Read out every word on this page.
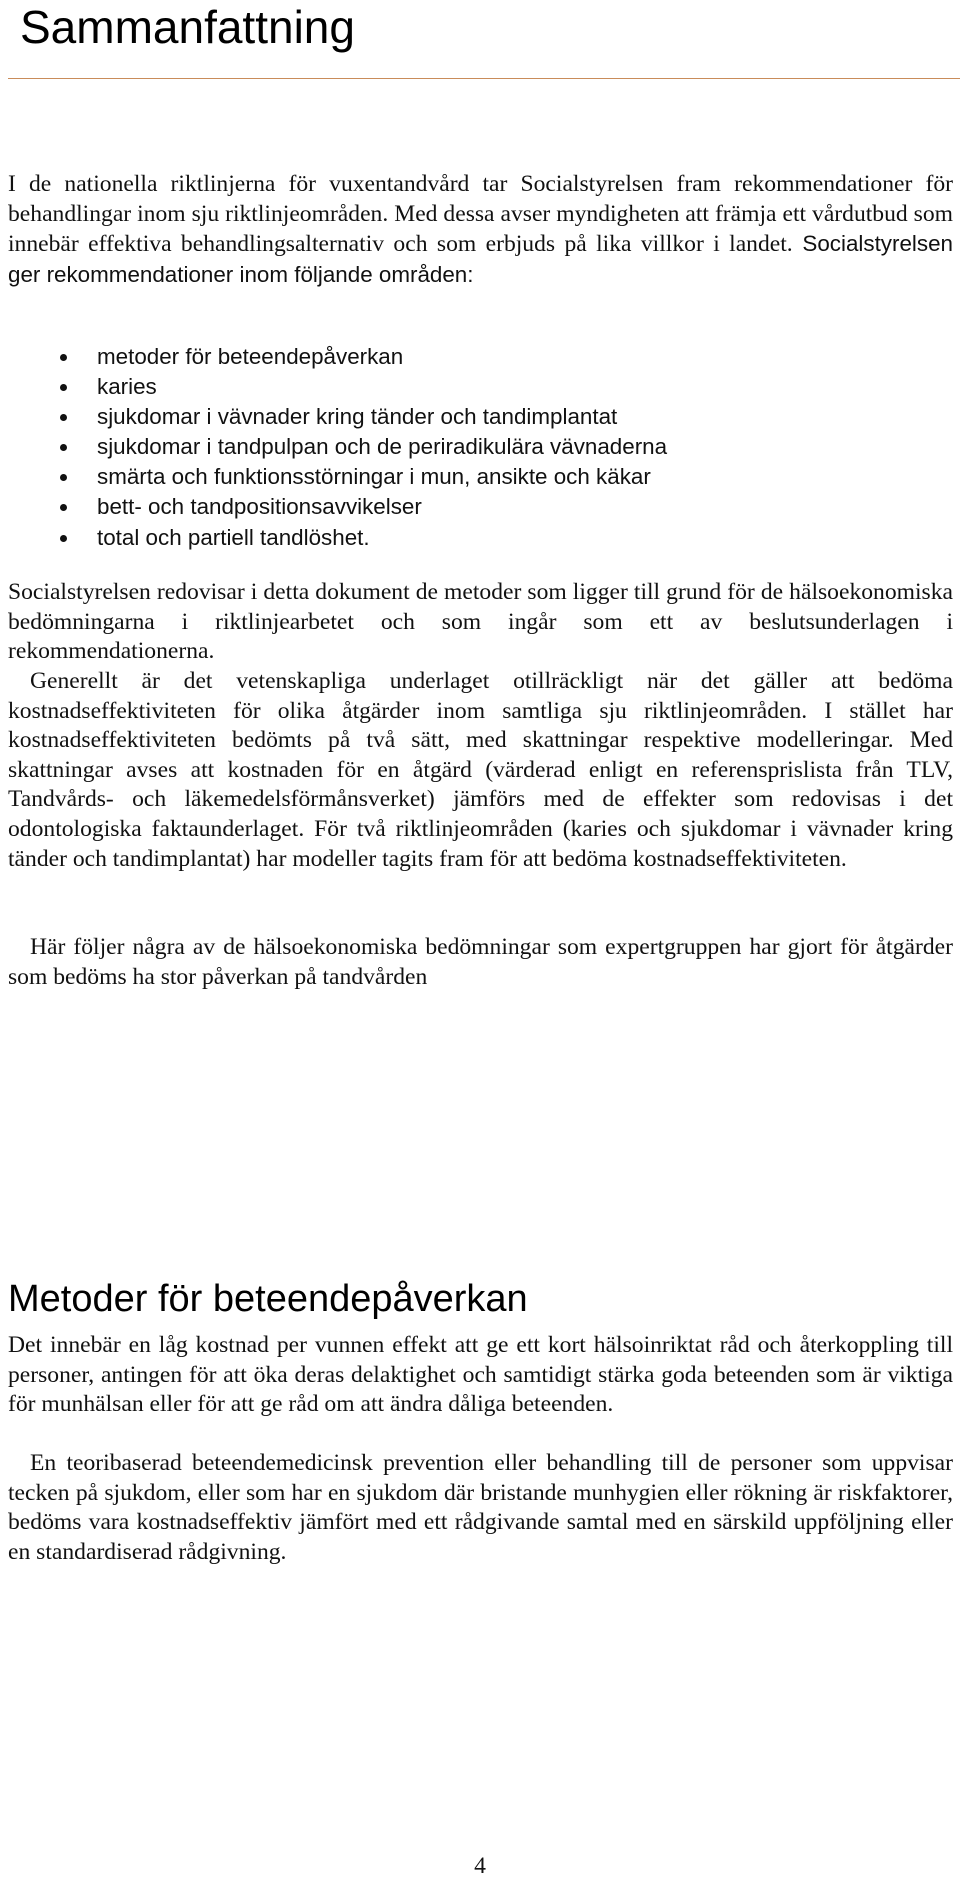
Sammanfattning

I de nationella riktlinjerna för vuxentandvård tar Socialstyrelsen fram rekommendationer för behandlingar inom sju riktlinjeområden. Med dessa avser myndigheten att främja ett vårdutbud som innebär effektiva behandlingsalternativ och som erbjuds på lika villkor i landet. Socialstyrelsen ger rekommendationer inom följande områden:

metoder för beteendepåverkan
karies
sjukdomar i vävnader kring tänder och tandimplantat
sjukdomar i tandpulpan och de periradikulära vävnaderna
smärta och funktionsstörningar i mun, ansikte och käkar
bett- och tandpositionsavvikelser
total och partiell tandlöshet.

Socialstyrelsen redovisar i detta dokument de metoder som ligger till grund för de hälsoekonomiska bedömningarna i riktlinjearbetet och som ingår som ett av beslutsunderlagen i rekommendationerna.

Generellt är det vetenskapliga underlaget otillräckligt när det gäller att bedöma kostnadseffektiviteten för olika åtgärder inom samtliga sju riktlinjeområden. I stället har kostnadseffektiviteten bedömts på två sätt, med skattningar respektive modelleringar. Med skattningar avses att kostnaden för en åtgärd (värderad enligt en referensprislista från TLV, Tandvårds- och läkemedelsförmånsverket) jämförs med de effekter som redovisas i det odontologiska faktaunderlaget. För två riktlinjeområden (karies och sjukdomar i vävnader kring tänder och tandimplantat) har modeller tagits fram för att bedöma kostnadseffektiviteten.

Här följer några av de hälsoekonomiska bedömningar som expertgruppen har gjort för åtgärder som bedöms ha stor påverkan på tandvården

Metoder för beteendepåverkan

Det innebär en låg kostnad per vunnen effekt att ge ett kort hälsoinriktat råd och återkoppling till personer, antingen för att öka deras delaktighet och samtidigt stärka goda beteenden som är viktiga för munhälsan eller för att ge råd om att ändra dåliga beteenden.

En teoribaserad beteendemedicinsk prevention eller behandling till de personer som uppvisar tecken på sjukdom, eller som har en sjukdom där bristande munhygien eller rökning är riskfaktorer, bedöms vara kostnadseffektiv jämfört med ett rådgivande samtal med en särskild uppföljning eller en standardiserad rådgivning.

4
